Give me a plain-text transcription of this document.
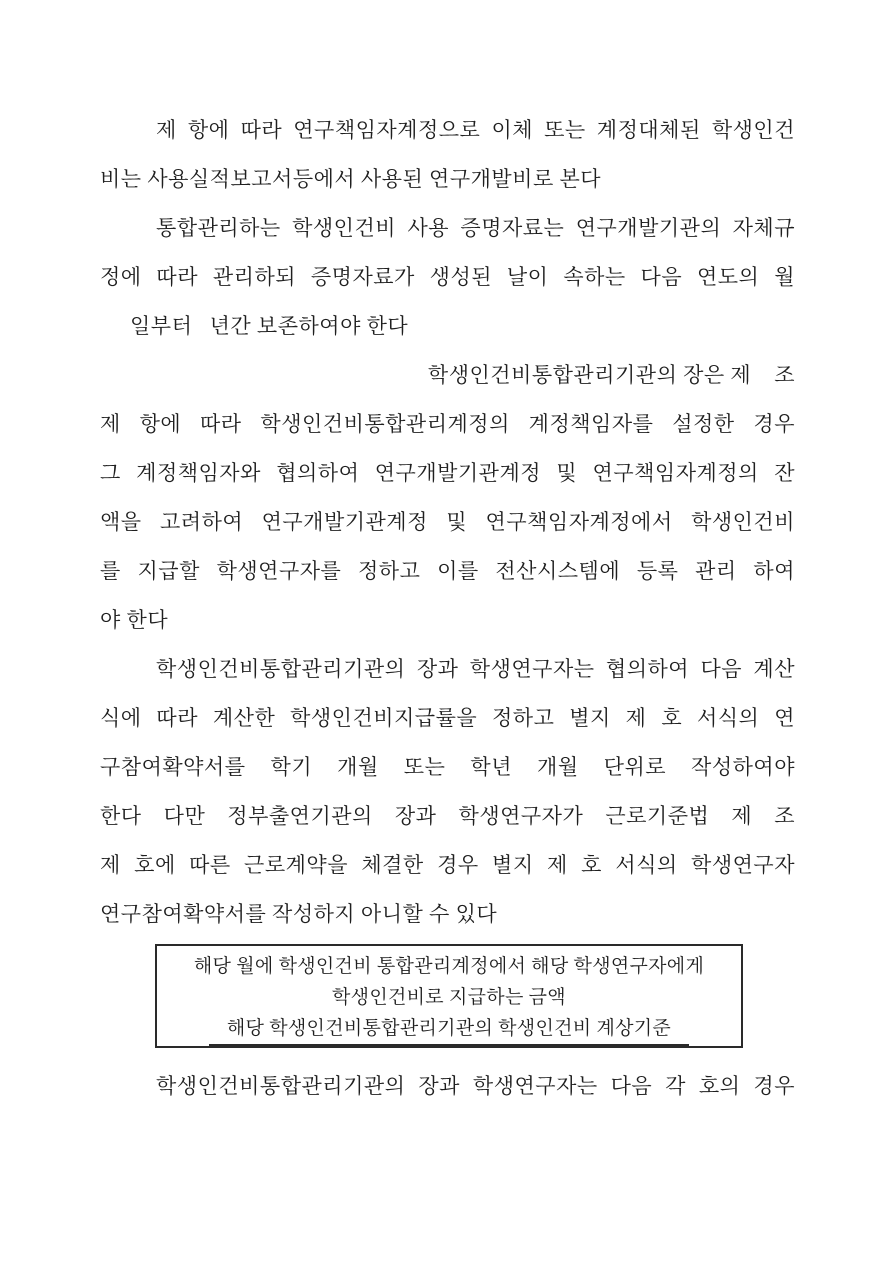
제 항에 따라 연구책임자계정으로 이체 또는 계정대체된 학생인건
비는 사용실적보고서등에서 사용된 연구개발비로 본다
통합관리하는 학생인건비 사용 증명자료는 연구개발기관의 자체규
정에 따라 관리하되 증명자료가 생성된 날이 속하는 다음 연도의 월
일부터   년간 보존하여야 한다
학생인건비통합관리기관의 장은 제    조
제 항에 따라 학생인건비통합관리계정의 계정책임자를 설정한 경우
그 계정책임자와 협의하여 연구개발기관계정 및 연구책임자계정의 잔
액을 고려하여 연구개발기관계정 및 연구책임자계정에서 학생인건비
를 지급할 학생연구자를 정하고 이를 전산시스템에 등록 관리 하여
야 한다
학생인건비통합관리기관의 장과 학생연구자는 협의하여 다음 계산
식에 따라 계산한 학생인건비지급률을 정하고 별지 제 호 서식의 연
구참여확약서를 학기 개월 또는 학년 개월 단위로 작성하여야
한다 다만 정부출연기관의 장과 학생연구자가 근로기준법 제 조
제 호에 따른 근로계약을 체결한 경우 별지 제 호 서식의 학생연구자
연구참여확약서를 작성하지 아니할 수 있다
해당 월에 학생인건비 통합관리계정에서 해당 학생연구자에게
학생인건비로 지급하는 금액
해당 학생인건비통합관리기관의 학생인건비 계상기준
학생인건비통합관리기관의 장과 학생연구자는 다음 각 호의 경우
